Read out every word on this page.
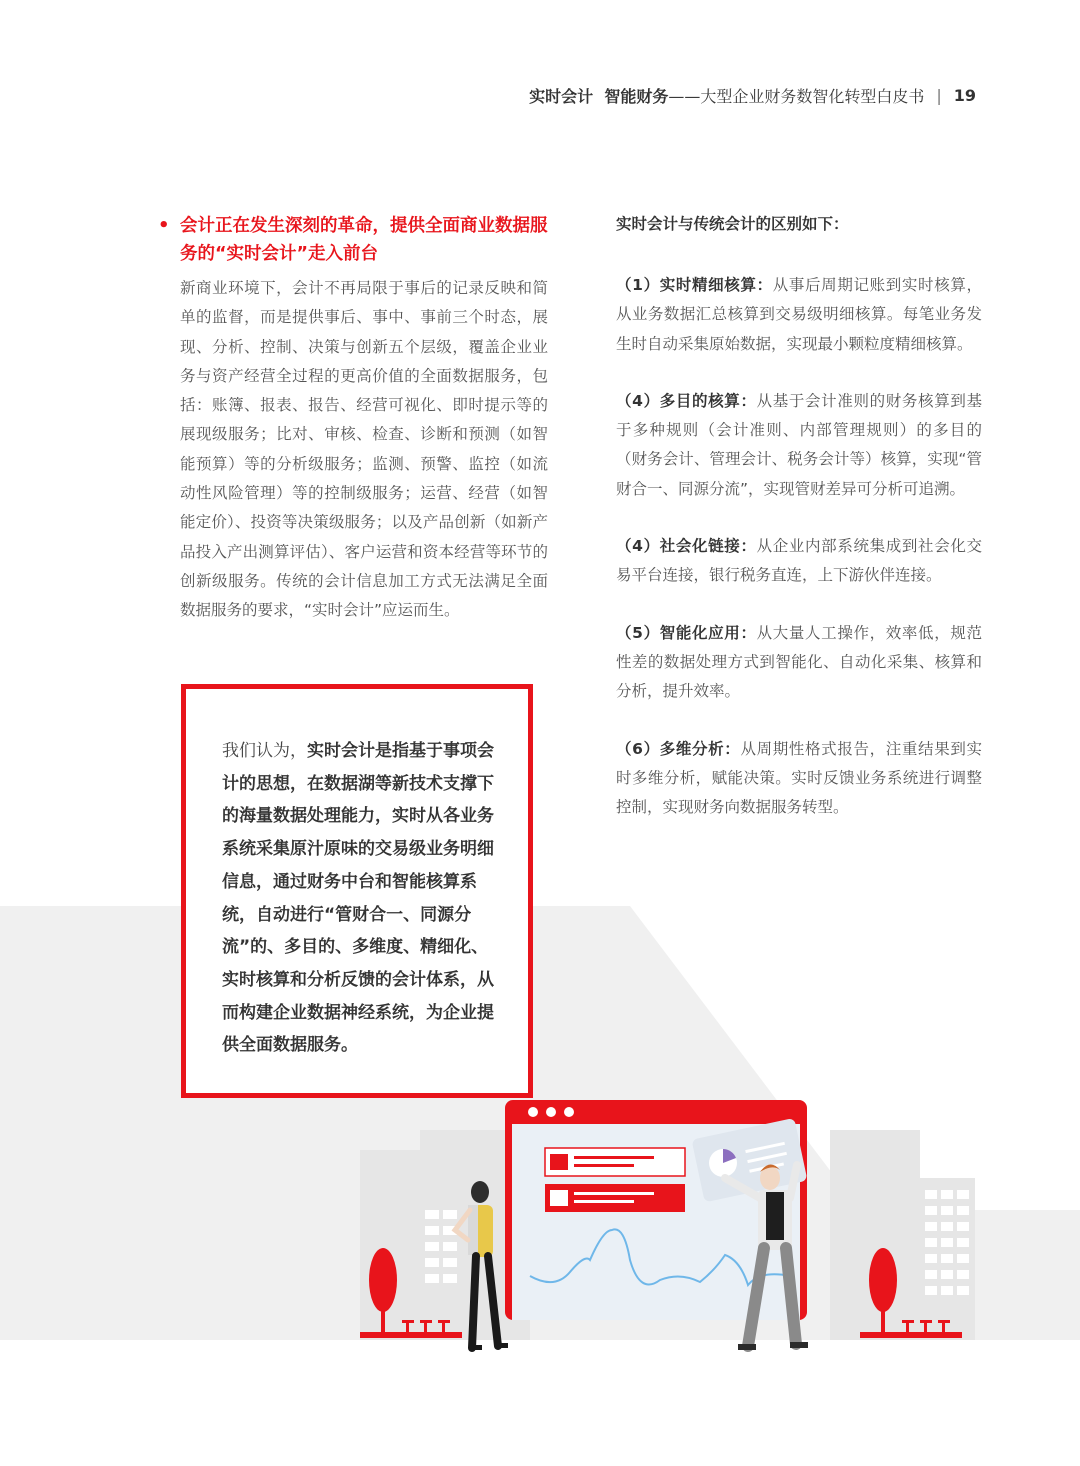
实时会计  智能财务 ——大型企业财务数智化转型白皮书 | 19
• 会计正在发生深刻的革命，提供全面商业数据服务的“实时会计”走入前台
新商业环境下，会计不再局限于事后的记录反映和简单的监督，而是提供事后、事中、事前三个时态，展现、分析、控制、决策与创新五个层级，覆盖企业业务与资产经营全过程的更高价值的全面数据服务，包括：账簿、报表、报告、经营可视化、即时提示等的展现级服务；比对、审核、检查、诊断和预测（如智能预算）等的分析级服务；监测、预警、监控（如流动性风险管理）等的控制级服务；运营、经营（如智能定价）、投资等决策级服务；以及产品创新（如新产品投入产出测算评估）、客户运营和资本经营等环节的创新级服务。传统的会计信息加工方式无法满足全面数据服务的要求，“实时会计”应运而生。
我们认为，实时会计是指基于事项会计的思想，在数据湖等新技术支撑下的海量数据处理能力，实时从各业务系统采集原汁原味的交易级业务明细信息，通过财务中台和智能核算系统，自动进行“管财合一、同源分流”的、多目的、多维度、精细化、实时核算和分析反馈的会计体系，从而构建企业数据神经系统，为企业提供全面数据服务。
实时会计与传统会计的区别如下：
（1）实时精细核算：从事后周期记账到实时核算，从业务数据汇总核算到交易级明细核算。每笔业务发生时自动采集原始数据，实现最小颗粒度精细核算。
（4）多目的核算：从基于会计准则的财务核算到基于多种规则（会计准则、内部管理规则）的多目的（财务会计、管理会计、税务会计等）核算，实现“管财合一、同源分流”，实现管财差异可分析可追溯。
（4）社会化链接：从企业内部系统集成到社会化交易平台连接，银行税务直连，上下游伙伴连接。
（5）智能化应用：从大量人工操作，效率低，规范性差的数据处理方式到智能化、自动化采集、核算和分析，提升效率。
（6）多维分析：从周期性格式报告，注重结果到实时多维分析，赋能决策。实时反馈业务系统进行调整控制，实现财务向数据服务转型。
